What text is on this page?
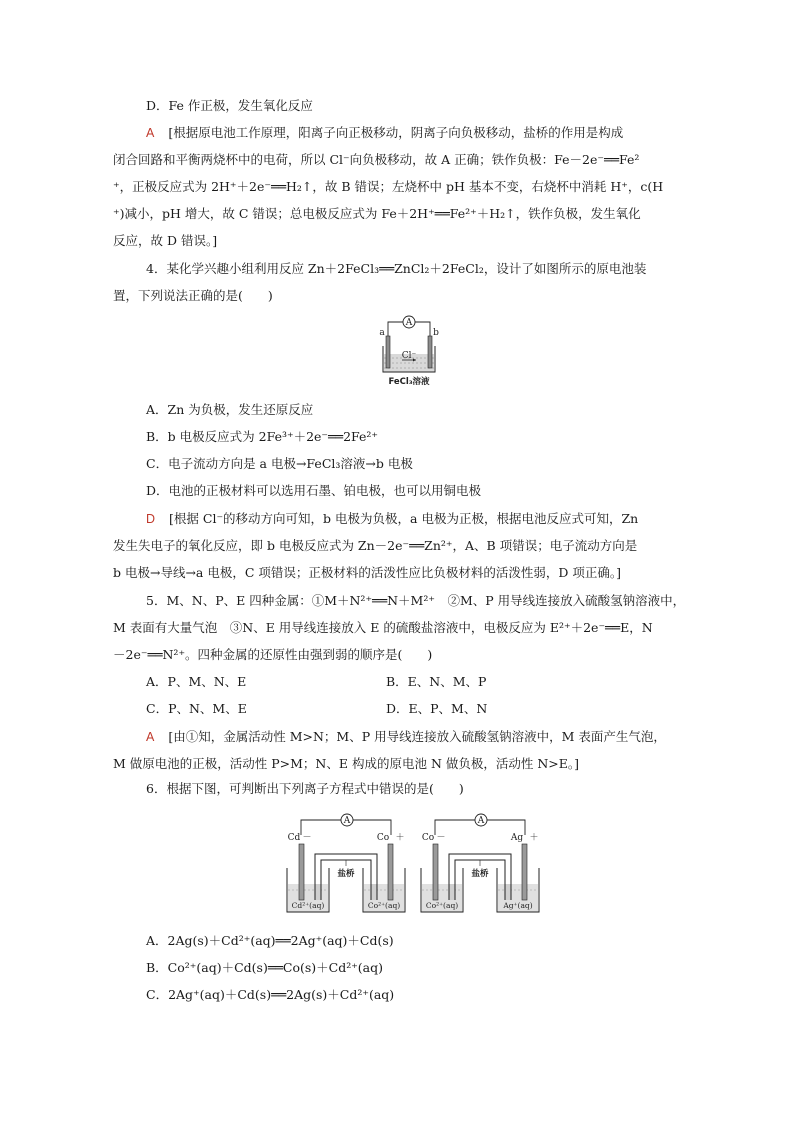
D．Fe 作正极，发生氧化反应
A [根据原电池工作原理，阳离子向正极移动，阴离子向负极移动，盐桥的作用是构成
闭合回路和平衡两烧杯中的电荷，所以 Cl⁻向负极移动，故 A 正确；铁作负极：Fe－2e⁻══Fe²
⁺，正极反应式为 2H⁺＋2e⁻══H₂↑，故 B 错误；左烧杯中 pH 基本不变，右烧杯中消耗 H⁺，c(H
⁺)减小，pH 增大，故 C 错误；总电极反应式为 Fe＋2H⁺══Fe²⁺＋H₂↑，铁作负极，发生氧化
反应，故 D 错误。]
4．某化学兴趣小组利用反应 Zn＋2FeCl₃══ZnCl₂＋2FeCl₂，设计了如图所示的原电池装
置，下列说法正确的是(　　)
A
a	b
Cl⁻
FeCl₃溶液
A．Zn 为负极，发生还原反应
B．b 电极反应式为 2Fe³⁺＋2e⁻══2Fe²⁺
C．电子流动方向是 a 电极→FeCl₃溶液→b 电极
D．电池的正极材料可以选用石墨、铂电极，也可以用铜电极
D [根据 Cl⁻的移动方向可知，b 电极为负极，a 电极为正极，根据电池反应式可知，Zn
发生失电子的氧化反应，即 b 电极反应式为 Zn－2e⁻══Zn²⁺，A、B 项错误；电子流动方向是
b 电极→导线→a 电极，C 项错误；正极材料的活泼性应比负极材料的活泼性弱，D 项正确。]
5．M、N、P、E 四种金属：①M＋N²⁺══N＋M²⁺　②M、P 用导线连接放入硫酸氢钠溶液中，
M 表面有大量气泡　③N、E 用导线连接放入 E 的硫酸盐溶液中，电极反应为 E²⁺＋2e⁻══E，N
－2e⁻══N²⁺。四种金属的还原性由强到弱的顺序是(　　)
A．P、M、N、E	B．E、N、M、P
C．P、N、M、E	D．E、P、M、N
A [由①知，金属活动性 M>N；M、P 用导线连接放入硫酸氢钠溶液中，M 表面产生气泡，
M 做原电池的正极，活动性 P>M；N、E 构成的原电池 N 做负极，活动性 N>E。]
6．根据下图，可判断出下列离子方程式中错误的是(　　)
A
Cd －	Co ＋
盐桥
Cd²⁺(aq)	Co²⁺(aq)
A
Co －	Ag ＋
盐桥
Co²⁺(aq)	Ag⁺(aq)
A．2Ag(s)＋Cd²⁺(aq)══2Ag⁺(aq)＋Cd(s)
B．Co²⁺(aq)＋Cd(s)══Co(s)＋Cd²⁺(aq)
C．2Ag⁺(aq)＋Cd(s)══2Ag(s)＋Cd²⁺(aq)
